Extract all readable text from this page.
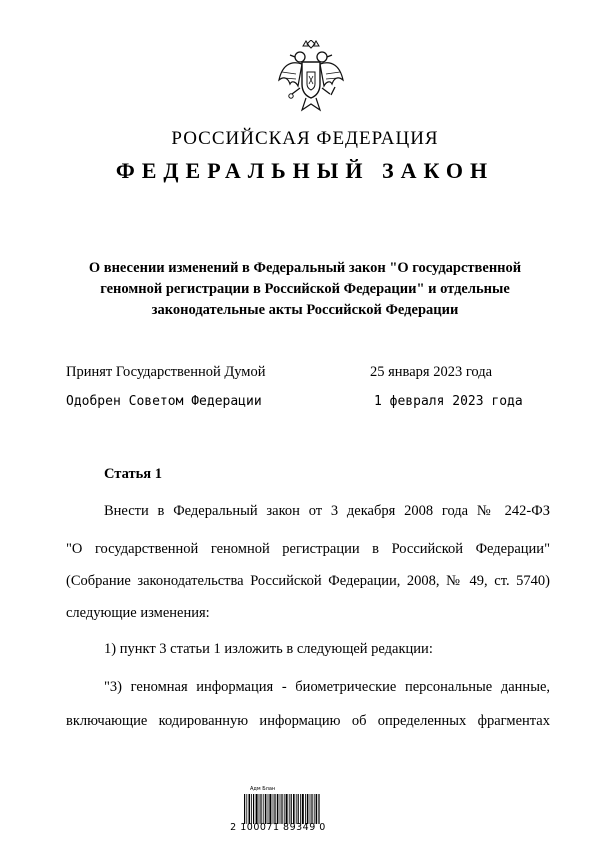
РОССИЙСКАЯ ФЕДЕРАЦИЯ
ФЕДЕРАЛЬНЫЙ ЗАКОН
О внесении изменений в Федеральный закон "О государственной
геномной регистрации в Российской Федерации" и отдельные
законодательные акты Российской Федерации
Принят Государственной Думой	25 января 2023 года
Одобрен Советом Федерации	1 февраля 2023 года
Статья 1
Внести в Федеральный закон от 3 декабря 2008 года № 242-ФЗ
"О государственной геномной регистрации в Российской Федерации"
(Собрание законодательства Российской Федерации, 2008, № 49, ст. 5740)
следующие изменения:
1) пункт 3 статьи 1 изложить в следующей редакции:
"3) геномная информация - биометрические персональные данные,
включающие кодированную информацию об определенных фрагментах
Адм Блан
2 100071 89349 0
